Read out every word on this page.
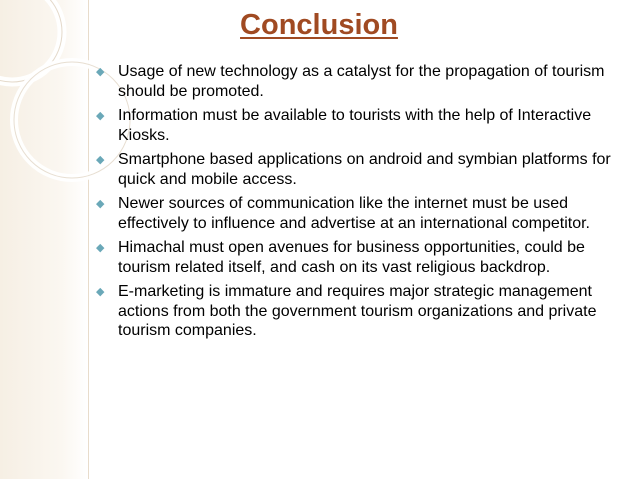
Conclusion
◆ Usage of new technology as a catalyst for the propagation of tourism should be promoted.
◆ Information must be available to tourists with the help of Interactive Kiosks.
◆ Smartphone based applications on android and symbian platforms for quick and mobile access.
◆ Newer sources of communication like the internet must be used effectively to influence and advertise at an international competitor.
◆ Himachal must open avenues for business opportunities, could be tourism related itself, and cash on its vast religious backdrop.
◆ E-marketing is immature and requires major strategic management actions from both the government tourism organizations and private tourism companies.
